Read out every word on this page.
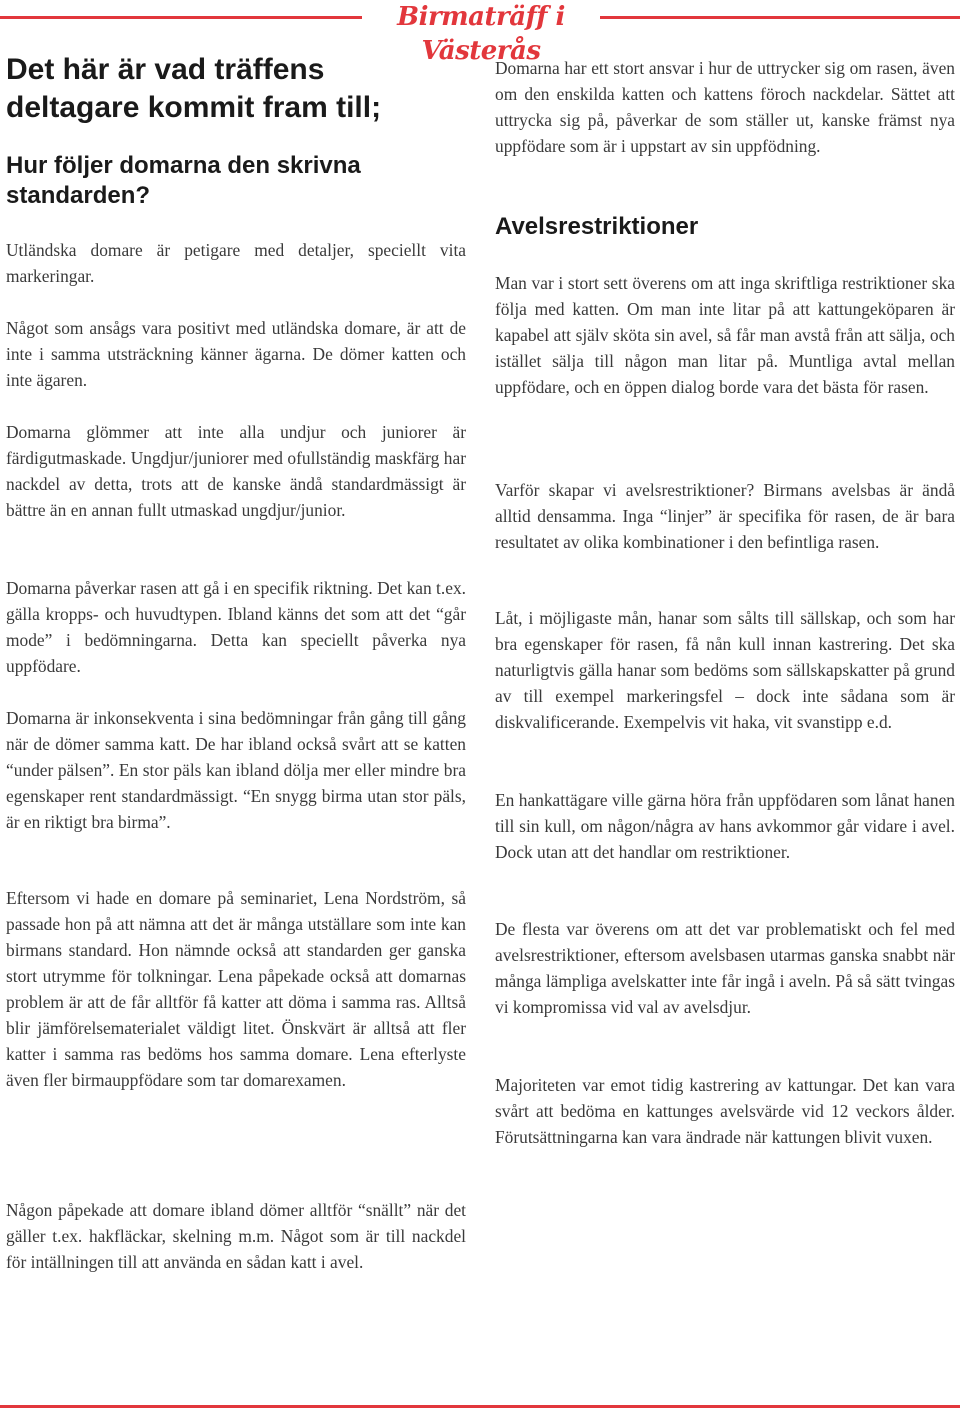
Birmaträff i Västerås
Det här är vad träffens deltagare kommit fram till;
Hur följer domarna den skrivna standarden?

Utländska domare är petigare med detaljer, speciellt vita markeringar.

Något som ansågs vara positivt med utländska domare, är att de inte i samma utsträckning känner ägarna. De dömer katten och inte ägaren.

Domarna glömmer att inte alla undjur och juniorer är färdigutmaskade. Ungdjur/juniorer med ofullständig maskfärg har nackdel av detta, trots att de kanske ändå standardmässigt är bättre än en annan fullt utmaskad ungdjur/junior.

Domarna påverkar rasen att gå i en specifik riktning. Det kan t.ex. gälla kropps- och huvudtypen. Ibland känns det som att det “går mode” i bedömningarna. Detta kan speciellt påverka nya uppfödare.

Domarna är inkonsekventa i sina bedömningar från gång till gång när de dömer samma katt. De har ibland också svårt att se katten “under pälsen”. En stor päls kan ibland dölja mer eller mindre bra egenskaper rent standardmässigt. “En snygg birma utan stor päls, är en riktigt bra birma”.

Eftersom vi hade en domare på seminariet, Lena Nordström, så passade hon på att nämna att det är många utställare som inte kan birmans standard. Hon nämnde också att standarden ger ganska stort utrymme för tolkningar. Lena påpekade också att domarnas problem är att de får alltför få katter att döma i samma ras. Alltså blir jämförelsematerialet väldigt litet. Önskvärt är alltså att fler katter i samma ras bedöms hos samma domare. Lena efterlyste även fler birmauppfödare som tar domarexamen.

Någon påpekade att domare ibland dömer alltför “snällt” när det gäller t.ex. hakfläckar, skelning m.m. Något som är till nackdel för intällningen till att använda en sådan katt i avel.

Domarna har ett stort ansvar i hur de uttrycker sig om rasen, även om den enskilda katten och kattens föroch nackdelar. Sättet att uttrycka sig på, påverkar de som ställer ut, kanske främst nya uppfödare som är i uppstart av sin uppfödning.

Avelsrestriktioner

Man var i stort sett överens om att inga skriftliga restriktioner ska följa med katten. Om man inte litar på att kattungeköparen är kapabel att själv sköta sin avel, så får man avstå från att sälja, och istället sälja till någon man litar på. Muntliga avtal mellan uppfödare, och en öppen dialog borde vara det bästa för rasen.

Varför skapar vi avelsrestriktioner? Birmans avelsbas är ändå alltid densamma. Inga “linjer” är specifika för rasen, de är bara resultatet av olika kombinationer i den befintliga rasen.

Låt, i möjligaste mån, hanar som sålts till sällskap, och som har bra egenskaper för rasen, få nån kull innan kastrering. Det ska naturligtvis gälla hanar som bedöms som sällskapskatter på grund av till exempel markeringsfel – dock inte sådana som är diskvalificerande. Exempelvis vit haka, vit svanstipp e.d.

En hankattägare ville gärna höra från uppfödaren som lånat hanen till sin kull, om någon/några av hans avkommor går vidare i avel. Dock utan att det handlar om restriktioner.

De flesta var överens om att det var problematiskt och fel med avelsrestriktioner, eftersom avelsbasen utarmas ganska snabbt när många lämpliga avelskatter inte får ingå i aveln. På så sätt tvingas vi kompromissa vid val av avelsdjur.

Majoriteten var emot tidig kastrering av kattungar. Det kan vara svårt att bedöma en kattunges avelsvärde vid 12 veckors ålder. Förutsättningarna kan vara ändrade när kattungen blivit vuxen.
